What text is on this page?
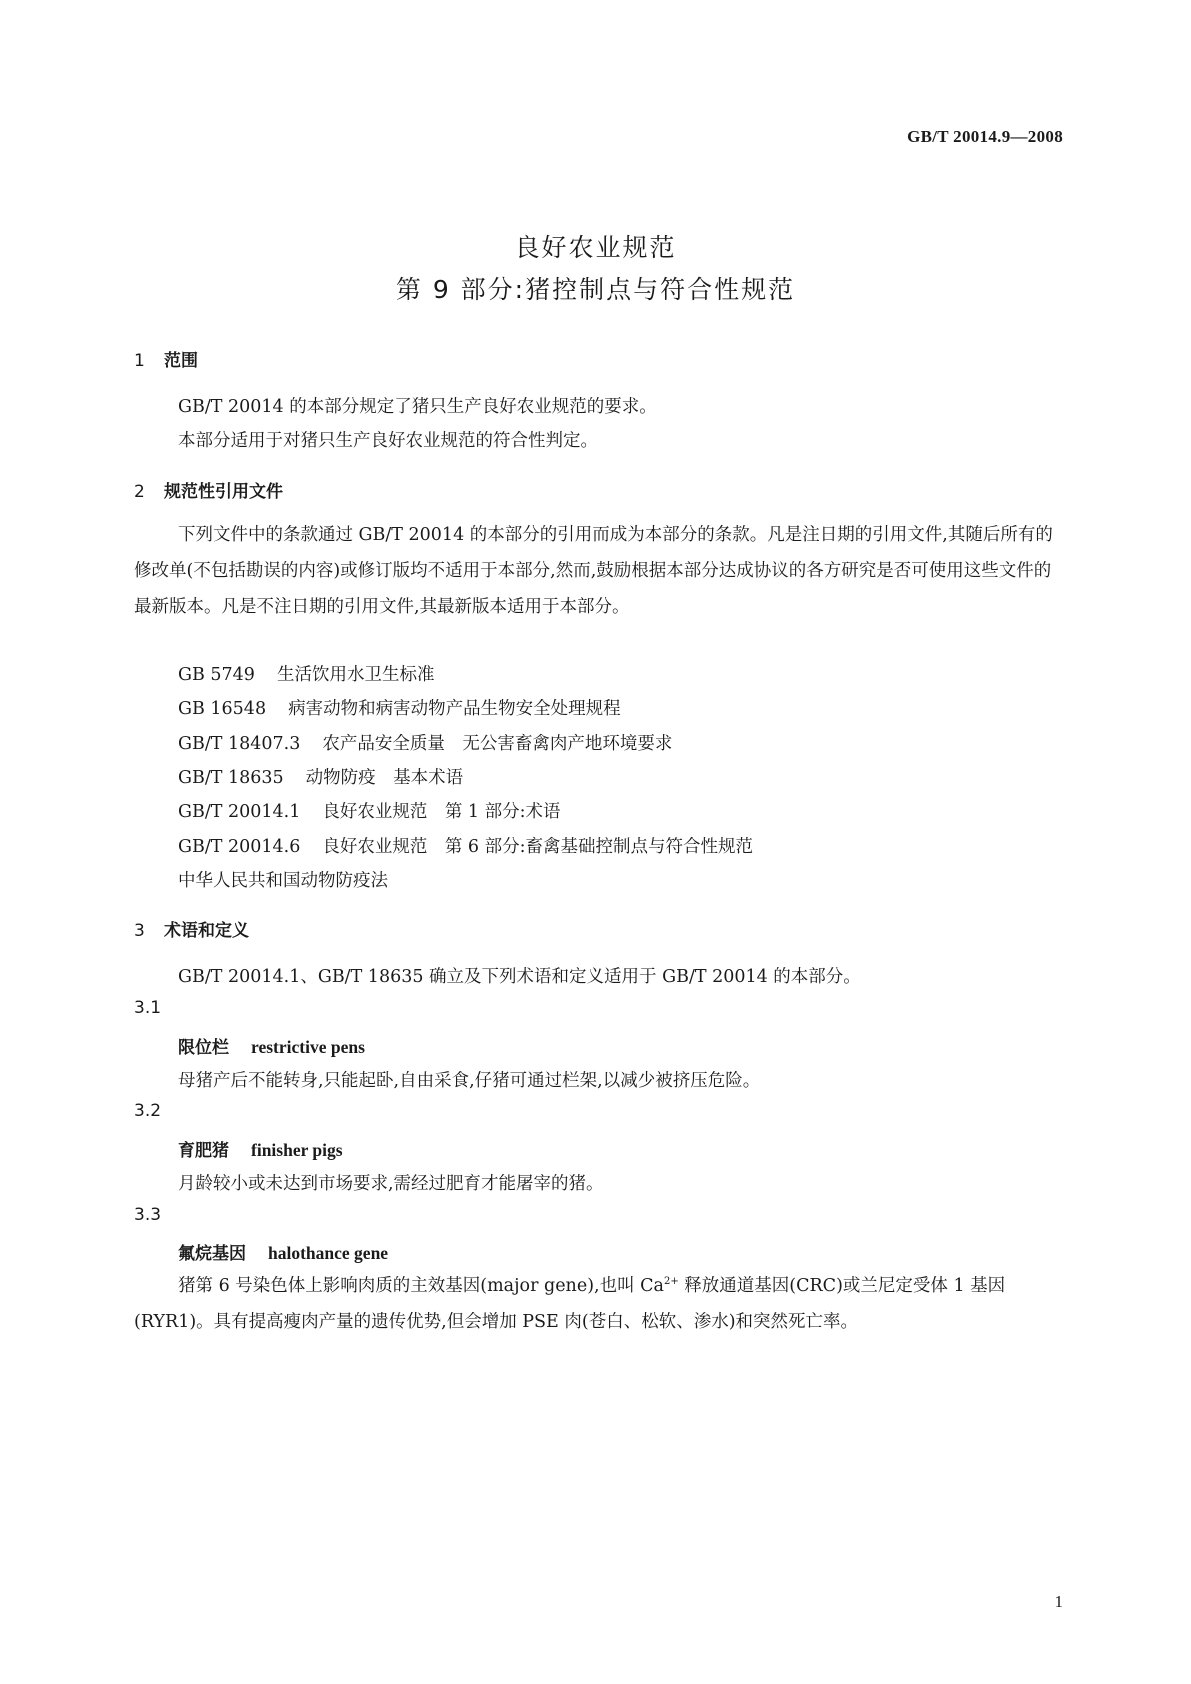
GB/T 20014.9—2008
良好农业规范
第 9 部分:猪控制点与符合性规范
1 范围
GB/T 20014 的本部分规定了猪只生产良好农业规范的要求。
本部分适用于对猪只生产良好农业规范的符合性判定。
2 规范性引用文件
下列文件中的条款通过 GB/T 20014 的本部分的引用而成为本部分的条款。凡是注日期的引用文件,其随后所有的修改单(不包括勘误的内容)或修订版均不适用于本部分,然而,鼓励根据本部分达成协议的各方研究是否可使用这些文件的最新版本。凡是不注日期的引用文件,其最新版本适用于本部分。
GB 5749 生活饮用水卫生标准
GB 16548 病害动物和病害动物产品生物安全处理规程
GB/T 18407.3 农产品安全质量　无公害畜禽肉产地环境要求
GB/T 18635 动物防疫　基本术语
GB/T 20014.1 良好农业规范　第 1 部分:术语
GB/T 20014.6 良好农业规范　第 6 部分:畜禽基础控制点与符合性规范
中华人民共和国动物防疫法
3 术语和定义
GB/T 20014.1、GB/T 18635 确立及下列术语和定义适用于 GB/T 20014 的本部分。
3.1
限位栏 restrictive pens
母猪产后不能转身,只能起卧,自由采食,仔猪可通过栏架,以减少被挤压危险。
3.2
育肥猪 finisher pigs
月龄较小或未达到市场要求,需经过肥育才能屠宰的猪。
3.3
氟烷基因 halothance gene
猪第 6 号染色体上影响肉质的主效基因(major gene),也叫 $Ca^{2+}$ 释放通道基因(CRC)或兰尼定受体 1 基因(RYR1)。具有提高瘦肉产量的遗传优势,但会增加 PSE 肉(苍白、松软、渗水)和突然死亡率。
1
